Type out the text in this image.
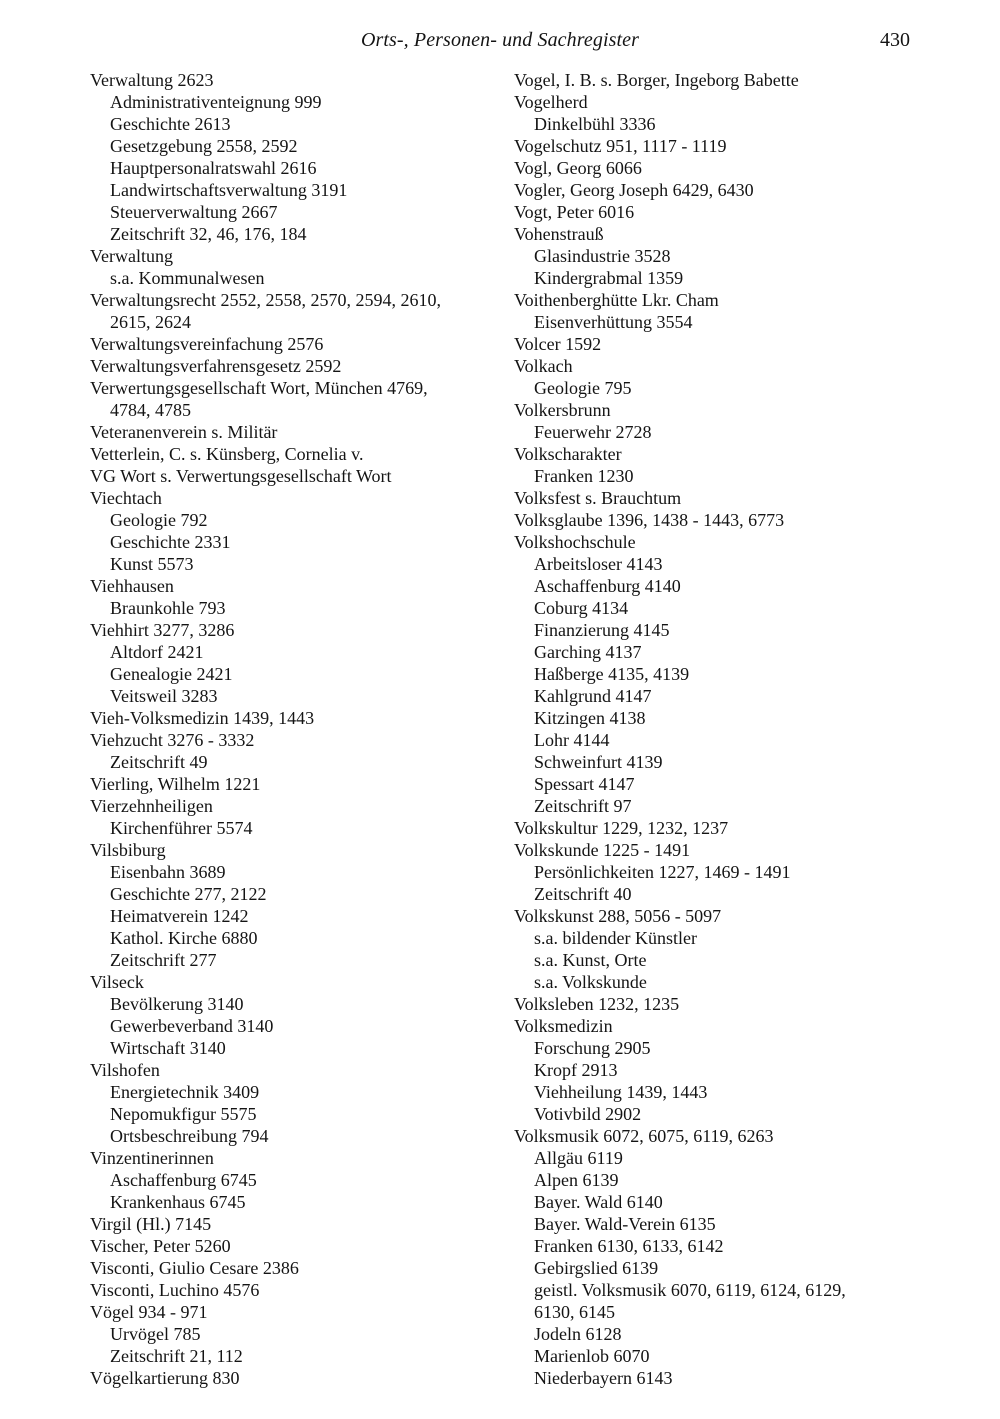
Orts-, Personen- und Sachregister	430
Verwaltung 2623
Administrativenteignung 999
Geschichte 2613
Gesetzgebung 2558, 2592
Hauptpersonalratswahl 2616
Landwirtschaftsverwaltung 3191
Steuerverwaltung 2667
Zeitschrift 32, 46, 176, 184
Verwaltung
s.a. Kommunalwesen
Verwaltungsrecht 2552, 2558, 2570, 2594, 2610,
2615, 2624
Verwaltungsvereinfachung 2576
Verwaltungsverfahrensgesetz 2592
Verwertungsgesellschaft Wort, München 4769,
4784, 4785
Veteranenverein s. Militär
Vetterlein, C. s. Künsberg, Cornelia v.
VG Wort s. Verwertungsgesellschaft Wort
Viechtach
Geologie 792
Geschichte 2331
Kunst 5573
Viehhausen
Braunkohle 793
Viehhirt 3277, 3286
Altdorf 2421
Genealogie 2421
Veitsweil 3283
Vieh-Volksmedizin 1439, 1443
Viehzucht 3276 - 3332
Zeitschrift 49
Vierling, Wilhelm 1221
Vierzehnheiligen
Kirchenführer 5574
Vilsbiburg
Eisenbahn 3689
Geschichte 277, 2122
Heimatverein 1242
Kathol. Kirche 6880
Zeitschrift 277
Vilseck
Bevölkerung 3140
Gewerbeverband 3140
Wirtschaft 3140
Vilshofen
Energietechnik 3409
Nepomukfigur 5575
Ortsbeschreibung 794
Vinzentinerinnen
Aschaffenburg 6745
Krankenhaus 6745
Virgil (Hl.) 7145
Vischer, Peter 5260
Visconti, Giulio Cesare 2386
Visconti, Luchino 4576
Vögel 934 - 971
Urvögel 785
Zeitschrift 21, 112
Vögelkartierung 830
Vogel, I. B. s. Borger, Ingeborg Babette
Vogelherd
Dinkelbühl 3336
Vogelschutz 951, 1117 - 1119
Vogl, Georg 6066
Vogler, Georg Joseph 6429, 6430
Vogt, Peter 6016
Vohenstrauß
Glasindustrie 3528
Kindergrabmal 1359
Voithenberghütte Lkr. Cham
Eisenverhüttung 3554
Volcer 1592
Volkach
Geologie 795
Volkersbrunn
Feuerwehr 2728
Volkscharakter
Franken 1230
Volksfest s. Brauchtum
Volksglaube 1396, 1438 - 1443, 6773
Volkshochschule
Arbeitsloser 4143
Aschaffenburg 4140
Coburg 4134
Finanzierung 4145
Garching 4137
Haßberge 4135, 4139
Kahlgrund 4147
Kitzingen 4138
Lohr 4144
Schweinfurt 4139
Spessart 4147
Zeitschrift 97
Volkskultur 1229, 1232, 1237
Volkskunde 1225 - 1491
Persönlichkeiten 1227, 1469 - 1491
Zeitschrift 40
Volkskunst 288, 5056 - 5097
s.a. bildender Künstler
s.a. Kunst, Orte
s.a. Volkskunde
Volksleben 1232, 1235
Volksmedizin
Forschung 2905
Kropf 2913
Viehheilung 1439, 1443
Votivbild 2902
Volksmusik 6072, 6075, 6119, 6263
Allgäu 6119
Alpen 6139
Bayer. Wald 6140
Bayer. Wald-Verein 6135
Franken 6130, 6133, 6142
Gebirgslied 6139
geistl. Volksmusik 6070, 6119, 6124, 6129,
6130, 6145
Jodeln 6128
Marienlob 6070
Niederbayern 6143
